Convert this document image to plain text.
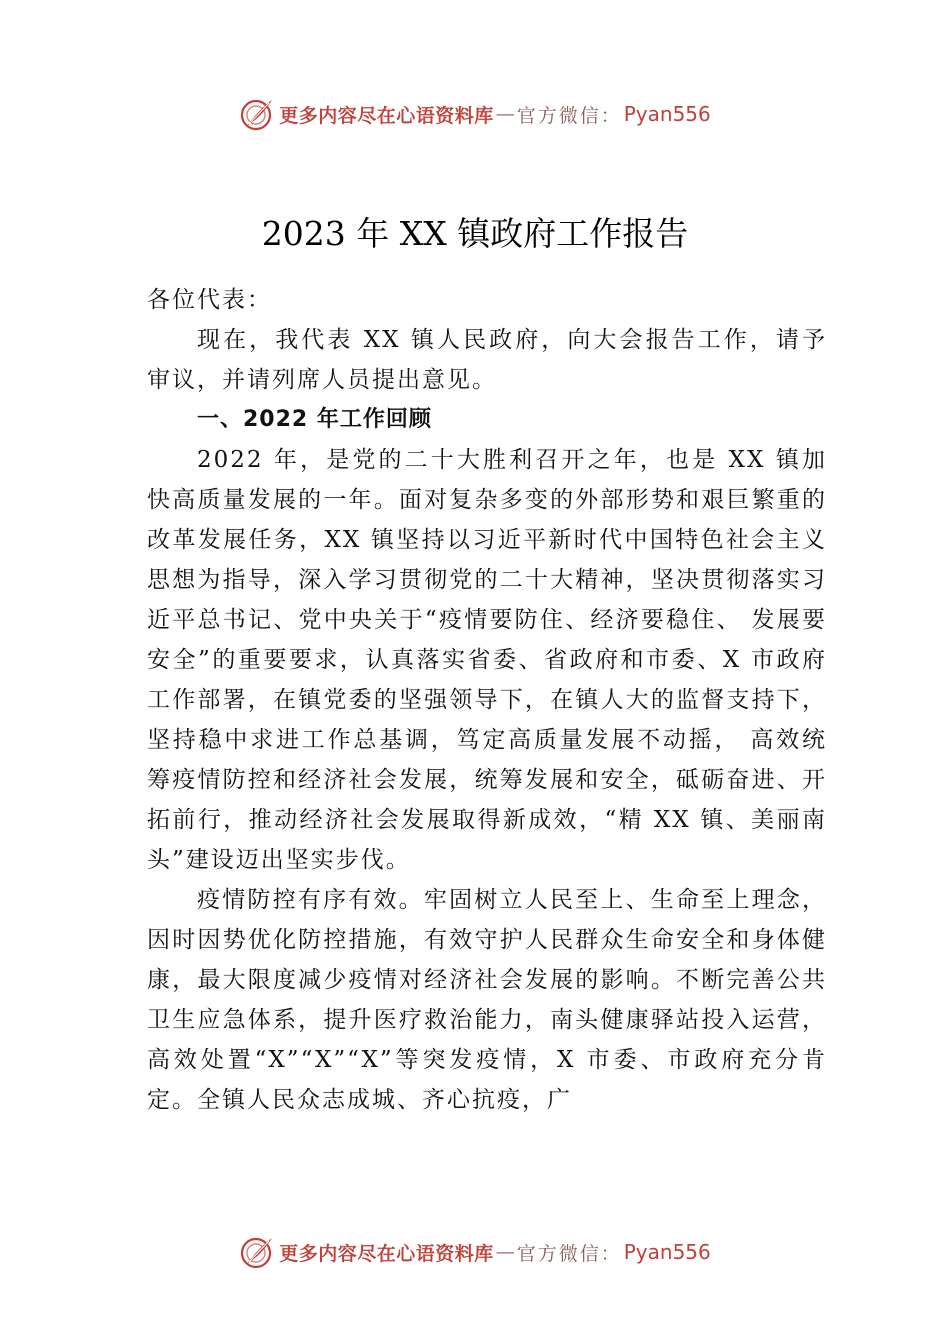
更多内容尽在心语资料库 — 官方微信： Pyan556
2023 年 XX 镇政府工作报告

各位代表：

现在，我代表 XX 镇人民政府，向大会报告工作，请予审议，并请列席人员提出意见。

一、2022 年工作回顾

2022 年，是党的二十大胜利召开之年，也是 XX 镇加快高质量发展的一年。面对复杂多变的外部形势和艰巨繁重的改革发展任务，XX 镇坚持以习近平新时代中国特色社会主义思想为指导，深入学习贯彻党的二十大精神，坚决贯彻落实习近平总书记、党中央关于“疫情要防住、经济要稳住、 发展要安全”的重要要求，认真落实省委、省政府和市委、X 市政府工作部署，在镇党委的坚强领导下，在镇人大的监督支持下，坚持稳中求进工作总基调，笃定高质量发展不动摇， 高效统筹疫情防控和经济社会发展，统筹发展和安全，砥砺奋进、开拓前行，推动经济社会发展取得新成效，“精 XX 镇、美丽南头”建设迈出坚实步伐。

疫情防控有序有效。牢固树立人民至上、生命至上理念，因时因势优化防控措施，有效守护人民群众生命安全和身体健康，最大限度减少疫情对经济社会发展的影响。不断完善公共卫生应急体系，提升医疗救治能力，南头健康驿站投入运营，高效处置“X”“X”“X”等突发疫情，X 市委、市政府充分肯定。全镇人民众志成城、齐心抗疫，广

更多内容尽在心语资料库 — 官方微信： Pyan556
